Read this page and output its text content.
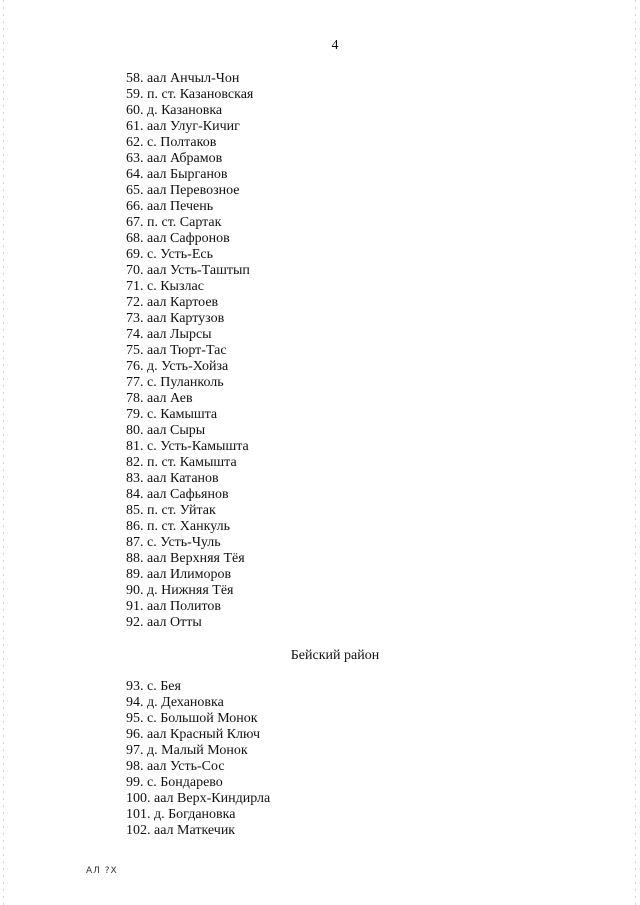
4
58. аал Анчыл-Чон
59. п. ст. Казановская
60. д. Казановка
61. аал Улуг-Кичиг
62. с. Полтаков
63. аал Абрамов
64. аал Бырганов
65. аал Перевозное
66. аал Печень
67. п. ст. Сартак
68. аал Сафронов
69. с. Усть-Есь
70. аал Усть-Таштып
71. с. Кызлас
72. аал Картоев
73. аал Картузов
74. аал Лырсы
75. аал Тюрт-Тас
76. д. Усть-Хойза
77. с. Пуланколь
78. аал Аев
79. с. Камышта
80. аал Сыры
81. с. Усть-Камышта
82. п. ст. Камышта
83. аал Катанов
84. аал Сафьянов
85. п. ст. Уйтак
86. п. ст. Ханкуль
87. с. Усть-Чуль
88. аал Верхняя Тёя
89. аал Илиморов
90. д. Нижняя Тёя
91. аал Политов
92. аал Отты
Бейский район
93. с. Бея
94. д. Дехановка
95. с. Большой Монок
96. аал Красный Ключ
97. д. Малый Монок
98. аал Усть-Сос
99. с. Бондарево
100. аал Верх-Киндирла
101. д. Богдановка
102. аал Маткечик
АЛ ?Х
